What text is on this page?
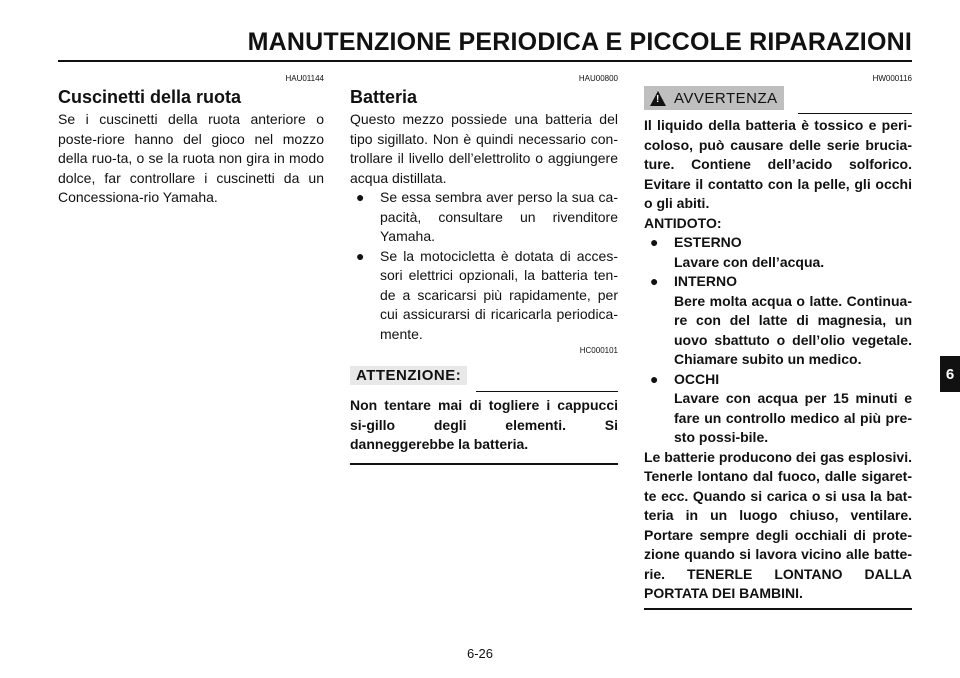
MANUTENZIONE PERIODICA E PICCOLE RIPARAZIONI
HAU01144
Cuscinetti della ruota

Se i cuscinetti della ruota anteriore o poste-riore hanno del gioco nel mozzo della ruo-ta, o se la ruota non gira in modo dolce, far controllare i cuscinetti da un Concessiona-rio Yamaha.

HAU00800
Batteria

Questo mezzo possiede una batteria del tipo sigillato. Non è quindi necessario con-trollare il livello dell’elettrolito o aggiungere acqua distillata.

● Se essa sembra aver perso la sua ca-pacità, consultare un rivenditore Yamaha.
● Se la motocicletta è dotata di acces-sori elettrici opzionali, la batteria ten-de a scaricarsi più rapidamente, per cui assicurarsi di ricaricarla periodica-mente.
HC000101
ATTENZIONE:

Non tentare mai di togliere i cappucci si-gillo degli elementi. Si danneggerebbe la batteria.

HW000116
! AVVERTENZA

Il liquido della batteria è tossico e peri-coloso, può causare delle serie brucia-ture. Contiene dell’acido solforico. Evitare il contatto con la pelle, gli occhi o gli abiti.

ANTIDOTO:

● ESTERNO
Lavare con dell’acqua.
● INTERNO
Bere molta acqua o latte. Continua-re con del latte di magnesia, un uovo sbattuto o dell’olio vegetale. Chiamare subito un medico.
● OCCHI
Lavare con acqua per 15 minuti e fare un controllo medico al più pre-sto possi-bile.

Le batterie producono dei gas esplosivi. Tenerle lontano dal fuoco, dalle sigaret-te ecc. Quando si carica o si usa la bat-teria in un luogo chiuso, ventilare. Portare sempre degli occhiali di prote-zione quando si lavora vicino alle batte-rie. TENERLE LONTANO DALLA PORTATA DEI BAMBINI.

6
6-26
